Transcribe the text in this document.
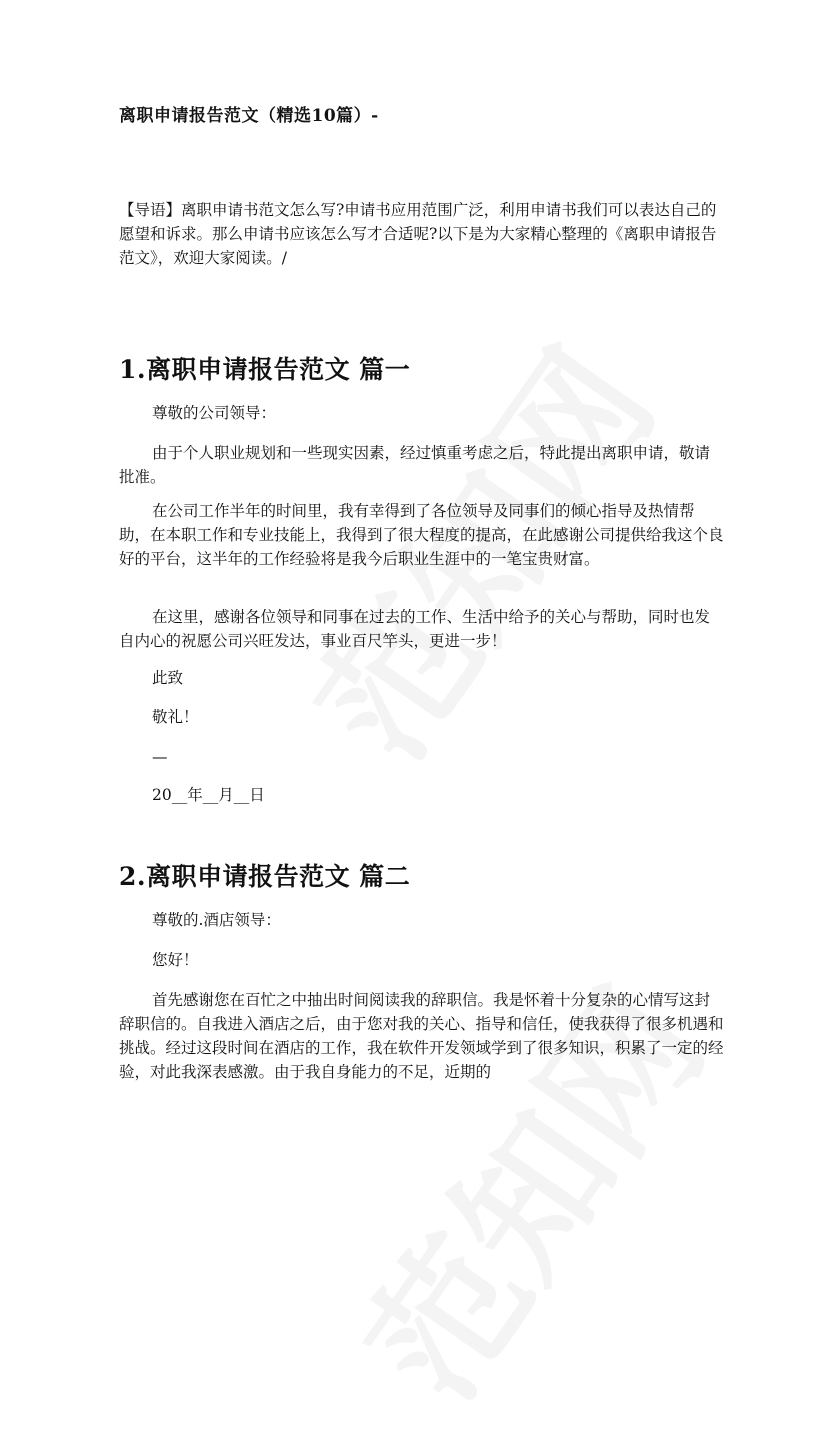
离职申请报告范文（精选10篇）-

【导语】离职申请书范文怎么写?申请书应用范围广泛，利用申请书我们可以表达自己的愿望和诉求。那么申请书应该怎么写才合适呢?以下是为大家精心整理的《离职申请报告范文》，欢迎大家阅读。/

1.离职申请报告范文 篇一

尊敬的公司领导：

由于个人职业规划和一些现实因素，经过慎重考虑之后，特此提出离职申请，敬请批准。

在公司工作半年的时间里，我有幸得到了各位领导及同事们的倾心指导及热情帮助，在本职工作和专业技能上，我得到了很大程度的提高，在此感谢公司提供给我这个良好的平台，这半年的工作经验将是我今后职业生涯中的一笔宝贵财富。

在这里，感谢各位领导和同事在过去的工作、生活中给予的关心与帮助，同时也发自内心的祝愿公司兴旺发达，事业百尺竿头，更进一步！

此致

敬礼！

—

20__年__月__日

2.离职申请报告范文 篇二

尊敬的.酒店领导：

您好！

首先感谢您在百忙之中抽出时间阅读我的辞职信。我是怀着十分复杂的心情写这封辞职信的。自我进入酒店之后，由于您对我的关心、指导和信任，使我获得了很多机遇和挑战。经过这段时间在酒店的工作，我在软件开发领域学到了很多知识，积累了一定的经验，对此我深表感激。由于我自身能力的不足，近期的
